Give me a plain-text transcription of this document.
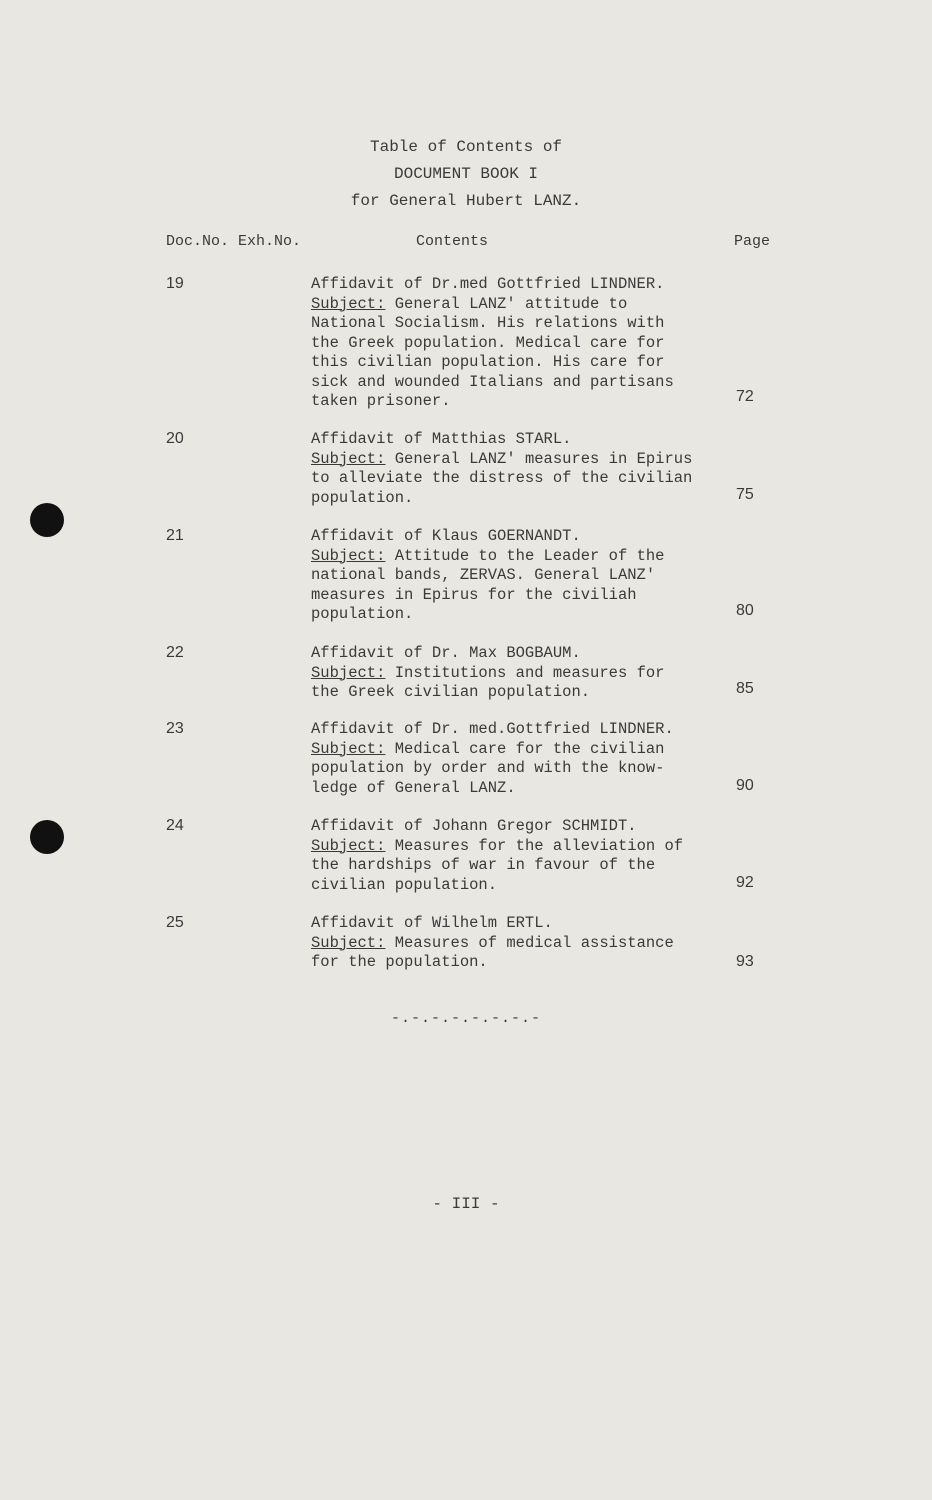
Table of Contents of
DOCUMENT BOOK I
for General Hubert LANZ.
Doc.No. Exh.No.	Contents	Page
19	Affidavit of Dr.med Gottfried LINDNER.
Subject: General LANZ' attitude to
National Socialism. His relations with
the Greek population. Medical care for
this civilian population. His care for
sick and wounded Italians and partisans
taken prisoner.	72
20	Affidavit of Matthias STARL.
Subject: General LANZ' measures in Epirus
to alleviate the distress of the civilian
population.	75
21	Affidavit of Klaus GOERNANDT.
Subject: Attitude to the Leader of the
national bands, ZERVAS. General LANZ'
measures in Epirus for the civiliah
population.	80
22	Affidavit of Dr. Max BOGBAUM.
Subject: Institutions and measures for
the Greek civilian population.	85
23	Affidavit of Dr. med.Gottfried LINDNER.
Subject: Medical care for the civilian
population by order and with the know-
ledge of General LANZ.	90
24	Affidavit of Johann Gregor SCHMIDT.
Subject: Measures for the alleviation of
the hardships of war in favour of the
civilian population.	92
25	Affidavit of Wilhelm ERTL.
Subject: Measures of medical assistance
for the population.	93
-.-.-.-.-.-.-.-
- III -
